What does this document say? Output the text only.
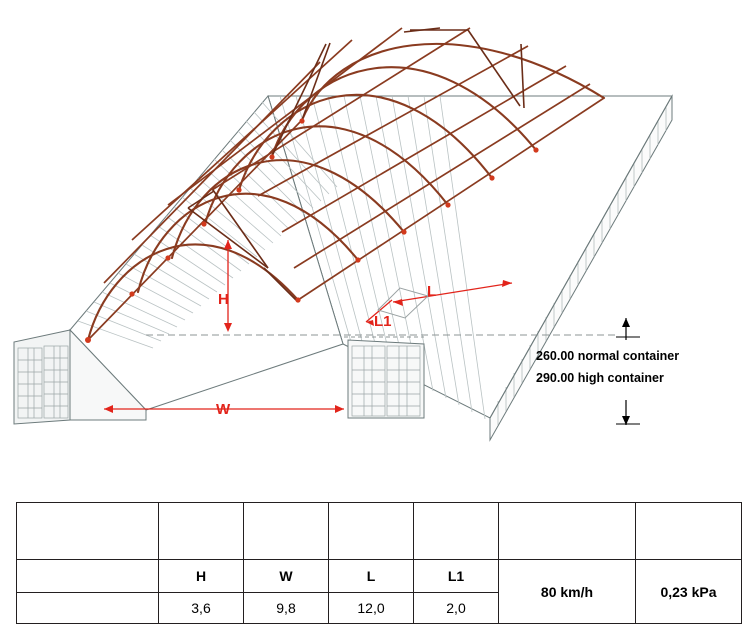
H
W
L
L1
260.00 normal container
290.00 high container

	H	W	L	L1	80 km/h	0,23 kPa
	3,6	9,8	12,0	2,0		
